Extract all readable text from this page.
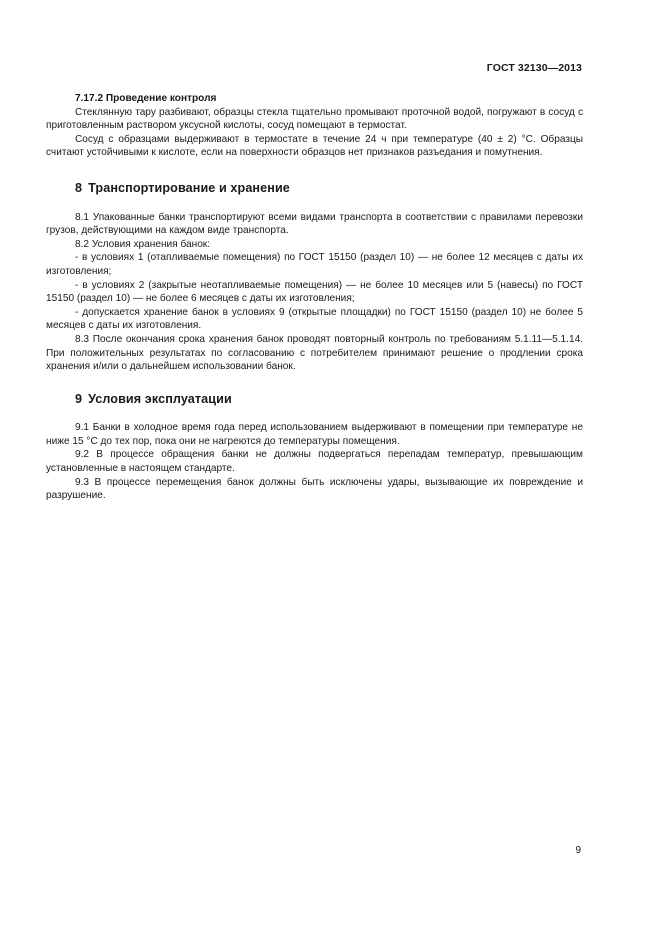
ГОСТ 32130—2013

7.17.2 Проведение контроля

Стеклянную тару разбивают, образцы стекла тщательно промывают проточной водой, погружают в сосуд с приготовленным раствором уксусной кислоты, сосуд помещают в термостат.

Сосуд с образцами выдерживают в термостате в течение 24 ч при температуре (40 ± 2) °С. Образцы считают устойчивыми к кислоте, если на поверхности образцов нет признаков разъедания и помутнения.

8 Транспортирование и хранение

8.1 Упакованные банки транспортируют всеми видами транспорта в соответствии с правилами перевозки грузов, действующими на каждом виде транспорта.

8.2 Условия хранения банок:

- в условиях 1 (отапливаемые помещения) по ГОСТ 15150 (раздел 10) — не более 12 месяцев с даты их изготовления;

- в условиях 2 (закрытые неотапливаемые помещения) — не более 10 месяцев или 5 (навесы) по ГОСТ 15150 (раздел 10) — не более 6 месяцев с даты их изготовления;

- допускается хранение банок в условиях 9 (открытые площадки) по ГОСТ 15150 (раздел 10) не более 5 месяцев с даты их изготовления.

8.3 После окончания срока хранения банок проводят повторный контроль по требованиям 5.1.11—5.1.14. При положительных результатах по согласованию с потребителем принимают решение о продлении срока хранения и/или о дальнейшем использовании банок.

9 Условия эксплуатации

9.1 Банки в холодное время года перед использованием выдерживают в помещении при температуре не ниже 15 °С до тех пор, пока они не нагреются до температуры помещения.

9.2 В процессе обращения банки не должны подвергаться перепадам температур, превышающим установленные в настоящем стандарте.

9.3 В процессе перемещения банок должны быть исключены удары, вызывающие их повреждение и разрушение.

9
